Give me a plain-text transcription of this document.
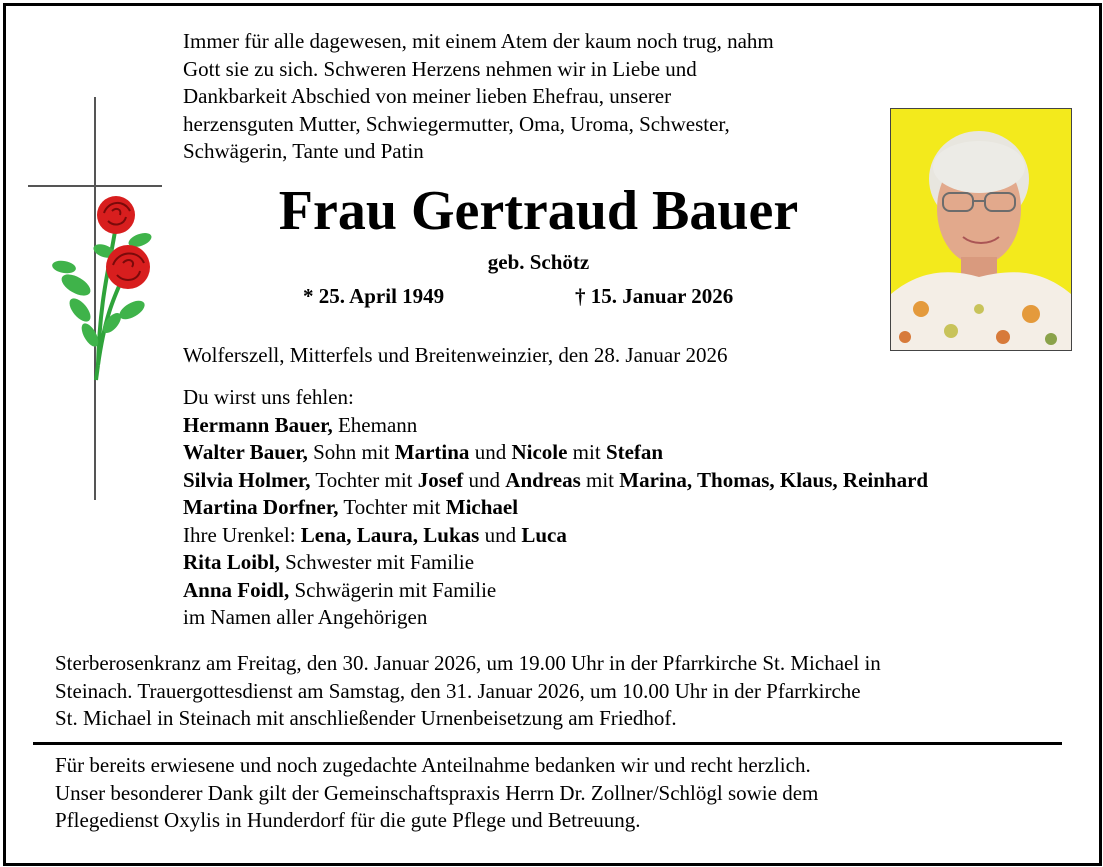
Immer für alle dagewesen, mit einem Atem der kaum noch trug, nahm
Gott sie zu sich. Schweren Herzens nehmen wir in Liebe und
Dankbarkeit Abschied von meiner lieben Ehefrau, unserer
herzensguten Mutter, Schwiegermutter, Oma, Uroma, Schwester,
Schwägerin, Tante und Patin
Frau Gertraud Bauer
geb. Schötz
* 25. April 1949	† 15. Januar 2026
Wolferszell, Mitterfels und Breitenweinzier, den 28. Januar 2026
Du wirst uns fehlen:
Hermann Bauer, Ehemann
Walter Bauer, Sohn mit Martina und Nicole mit Stefan
Silvia Holmer, Tochter mit Josef und Andreas mit Marina, Thomas, Klaus, Reinhard
Martina Dorfner, Tochter mit Michael
Ihre Urenkel: Lena, Laura, Lukas und Luca
Rita Loibl, Schwester mit Familie
Anna Foidl, Schwägerin mit Familie
im Namen aller Angehörigen
Sterberosenkranz am Freitag, den 30. Januar 2026, um 19.00 Uhr in der Pfarrkirche St. Michael in
Steinach. Trauergottesdienst am Samstag, den 31. Januar 2026, um 10.00 Uhr in der Pfarrkirche
St. Michael in Steinach mit anschließender Urnenbeisetzung am Friedhof.
Für bereits erwiesene und noch zugedachte Anteilnahme bedanken wir und recht herzlich.
Unser besonderer Dank gilt der Gemeinschaftspraxis Herrn Dr. Zollner/Schlögl sowie dem
Pflegedienst Oxylis in Hunderdorf für die gute Pflege und Betreuung.
